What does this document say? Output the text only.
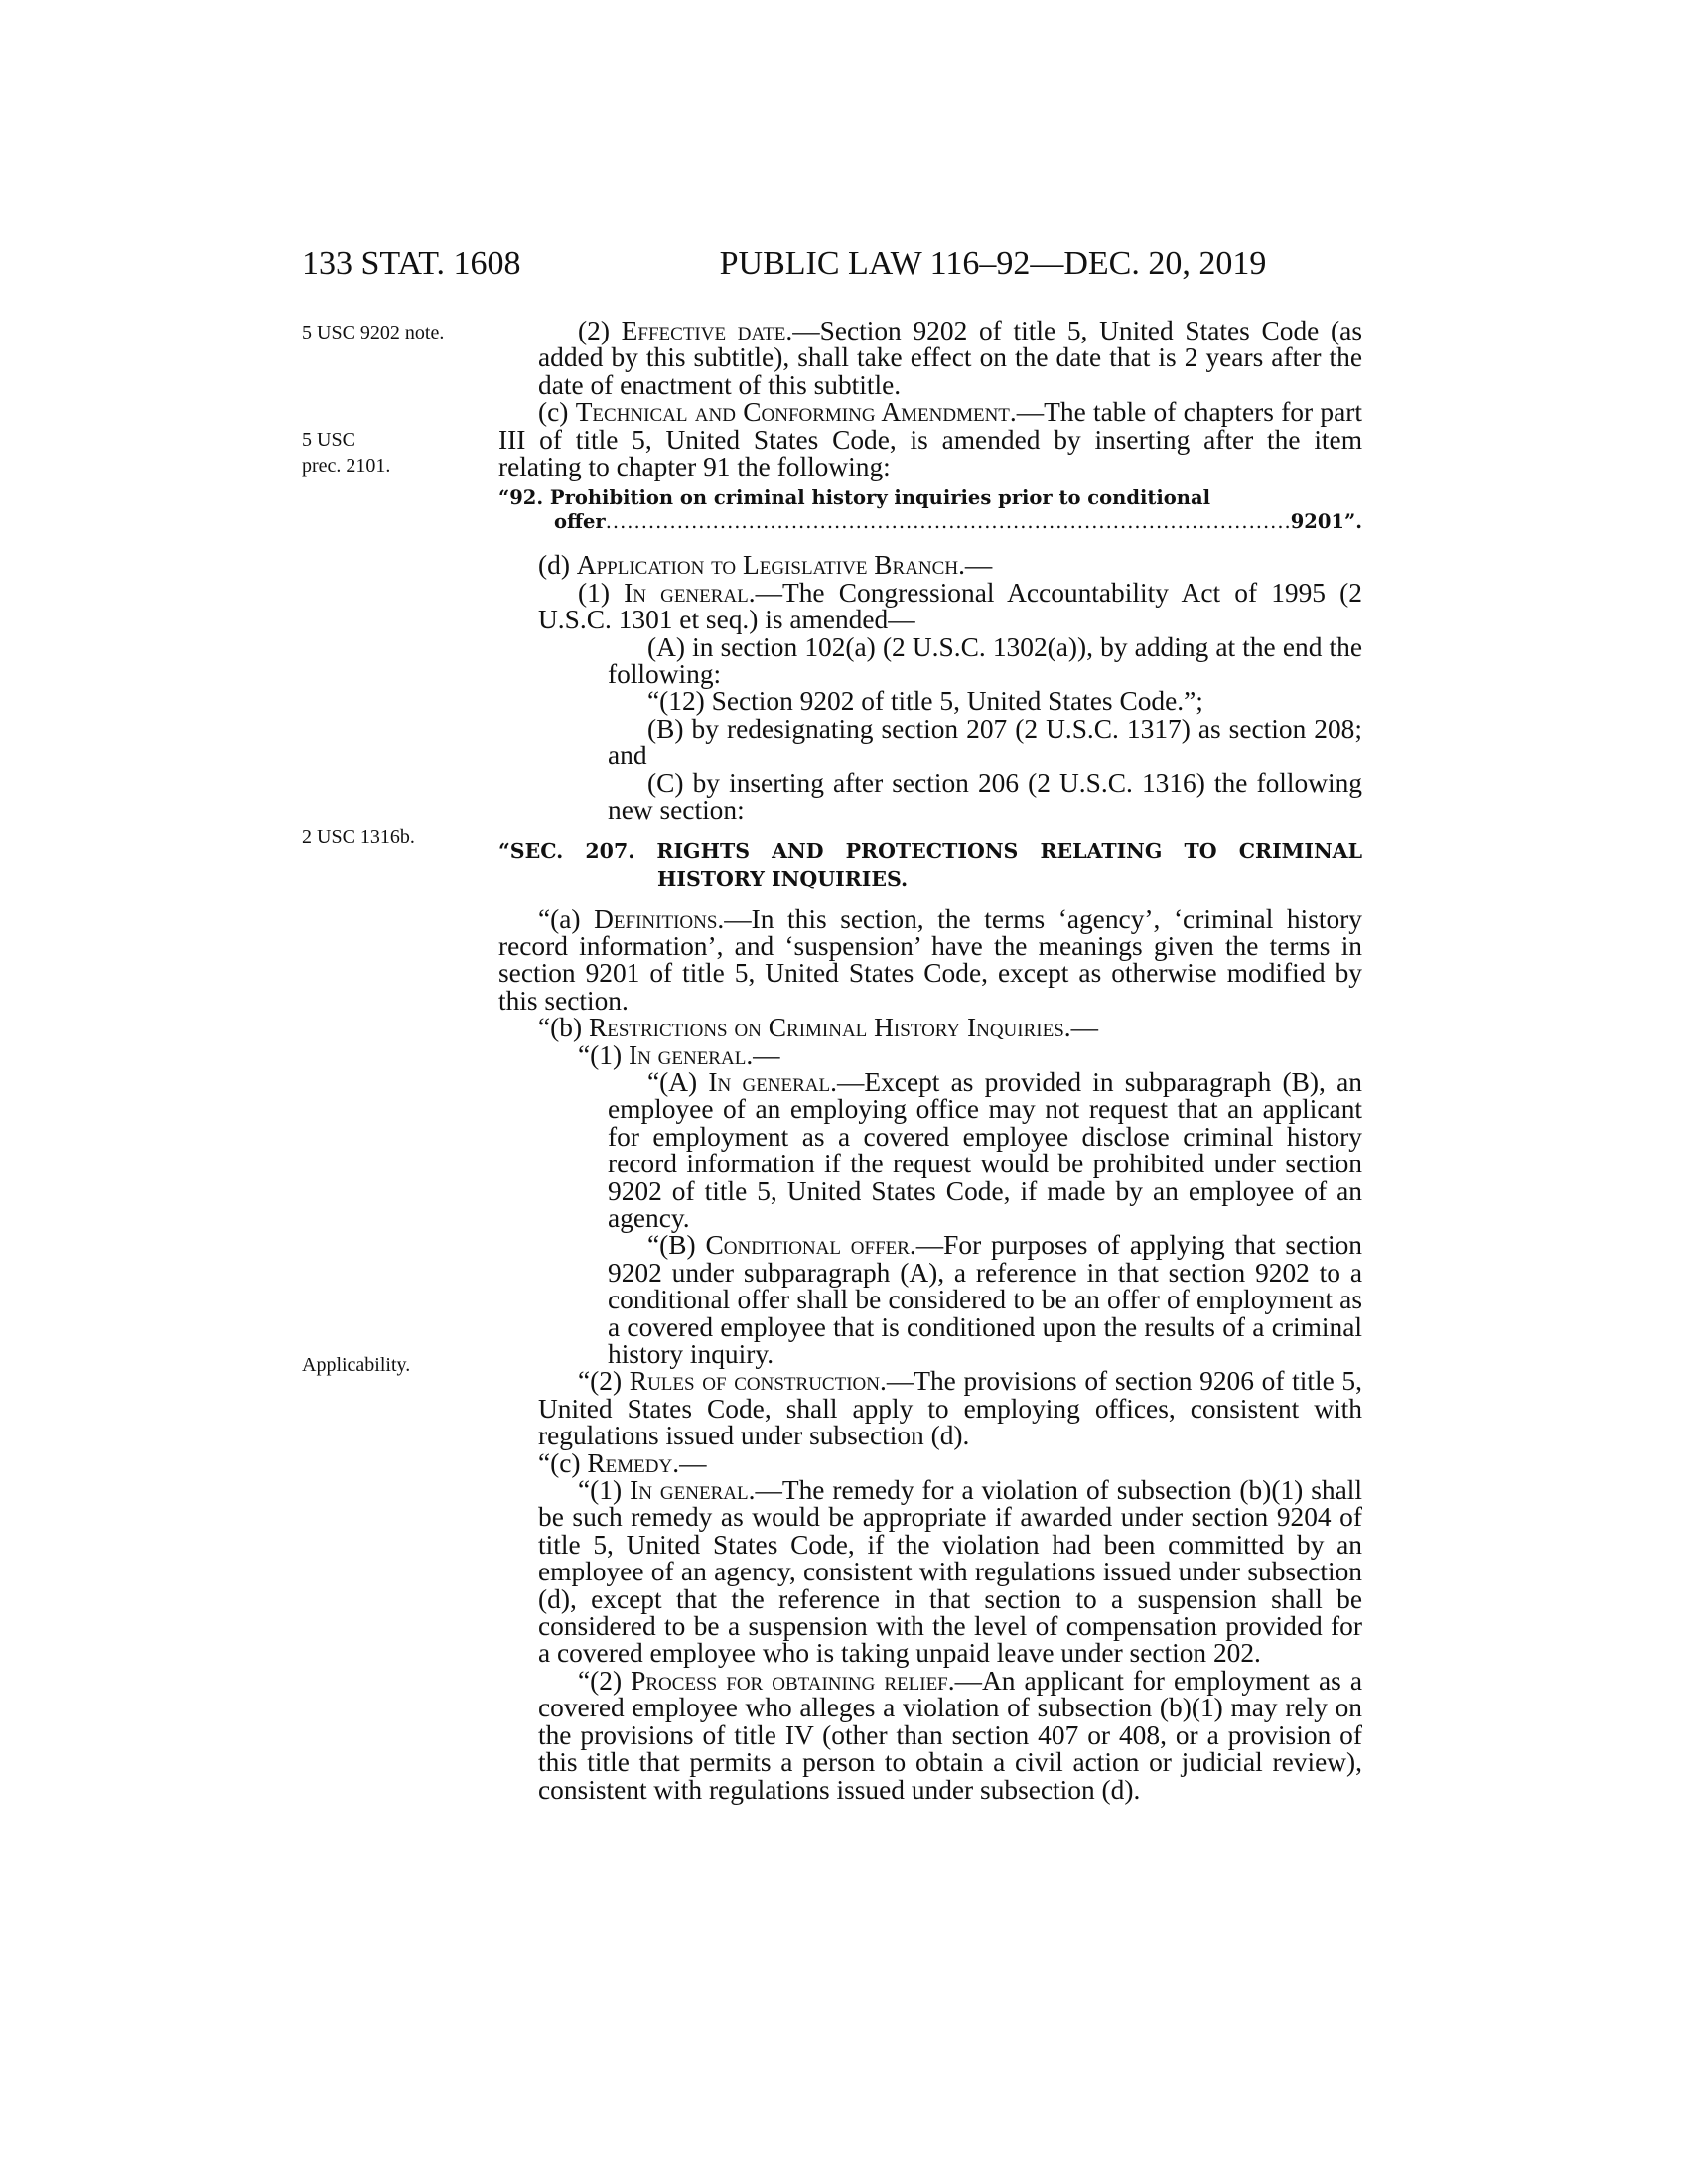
133 STAT. 1608	PUBLIC LAW 116–92—DEC. 20, 2019
5 USC 9202 note.
5 USC
prec. 2101.
2 USC 1316b.
Applicability.

(2) Effective date.—Section 9202 of title 5, United States Code (as added by this subtitle), shall take effect on the date that is 2 years after the date of enactment of this subtitle.

(c) Technical and Conforming Amendment.—The table of chapters for part III of title 5, United States Code, is amended by inserting after the item relating to chapter 91 the following:

“92. Prohibition on criminal history inquiries prior to conditional
offer .....	9201”.

(d) Application to Legislative Branch.—

(1) In general.—The Congressional Accountability Act of 1995 (2 U.S.C. 1301 et seq.) is amended—

(A) in section 102(a) (2 U.S.C. 1302(a)), by adding at the end the following:

“(12) Section 9202 of title 5, United States Code.”;

(B) by redesignating section 207 (2 U.S.C. 1317) as section 208; and

(C) by inserting after section 206 (2 U.S.C. 1316) the following new section:

“SEC. 207. RIGHTS AND PROTECTIONS RELATING TO CRIMINAL HISTORY INQUIRIES.

“(a) Definitions.—In this section, the terms ‘agency’, ‘criminal history record information’, and ‘suspension’ have the meanings given the terms in section 9201 of title 5, United States Code, except as otherwise modified by this section.

“(b) Restrictions on Criminal History Inquiries.—

“(1) In general.—

“(A) In general.—Except as provided in subparagraph (B), an employee of an employing office may not request that an applicant for employment as a covered employee disclose criminal history record information if the request would be prohibited under section 9202 of title 5, United States Code, if made by an employee of an agency.

“(B) Conditional offer.—For purposes of applying that section 9202 under subparagraph (A), a reference in that section 9202 to a conditional offer shall be considered to be an offer of employment as a covered employee that is conditioned upon the results of a criminal history inquiry.

“(2) Rules of construction.—The provisions of section 9206 of title 5, United States Code, shall apply to employing offices, consistent with regulations issued under subsection (d).

“(c) Remedy.—

“(1) In general.—The remedy for a violation of subsection (b)(1) shall be such remedy as would be appropriate if awarded under section 9204 of title 5, United States Code, if the violation had been committed by an employee of an agency, consistent with regulations issued under subsection (d), except that the reference in that section to a suspension shall be considered to be a suspension with the level of compensation provided for a covered employee who is taking unpaid leave under section 202.

“(2) Process for obtaining relief.—An applicant for employment as a covered employee who alleges a violation of subsection (b)(1) may rely on the provisions of title IV (other than section 407 or 408, or a provision of this title that permits a person to obtain a civil action or judicial review), consistent with regulations issued under subsection (d).
